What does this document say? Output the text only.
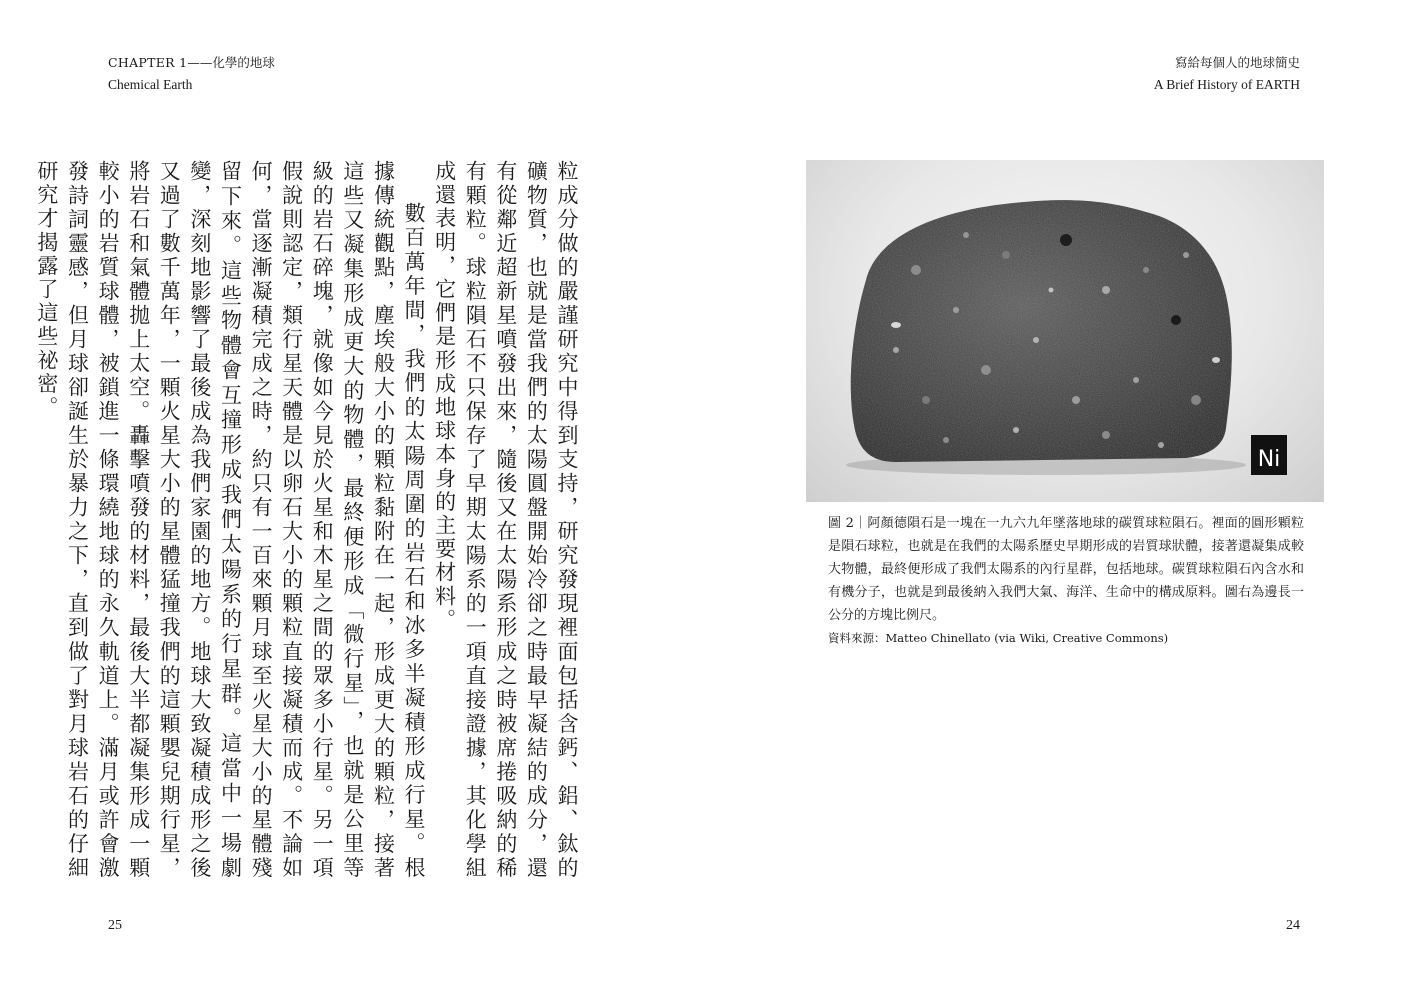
CHAPTER 1——化學的地球
Chemical Earth
寫給每個人的地球簡史
A Brief History of EARTH

粒成分做的嚴謹研究中得到支持，研究發現裡面包括含鈣、鋁、鈦的礦物質，也就是當我們的太陽圓盤開始冷卻之時最早凝結的成分，還有從鄰近超新星噴發出來，隨後又在太陽系形成之時被席捲吸納的稀有顆粒。球粒隕石不只保存了早期太陽系的一項直接證據，其化學組成還表明，它們是形成地球本身的主要材料。

數百萬年間，我們的太陽周圍的岩石和冰多半凝積形成行星。根據傳統觀點，塵埃般大小的顆粒黏附在一起，形成更大的顆粒，接著這些又凝集形成更大的物體，最終便形成「微行星」，也就是公里等級的岩石碎塊，就像如今見於火星和木星之間的眾多小行星。另一項假說則認定，類行星天體是以卵石大小的顆粒直接凝積而成。不論如何，當逐漸凝積完成之時，約只有一百來顆月球至火星大小的星體殘留下來。這些物體會互撞形成我們太陽系的行星群。這當中一場劇變，深刻地影響了最後成為我們家園的地方。地球大致凝積成形之後又過了數千萬年，一顆火星大小的星體猛撞我們的這顆嬰兒期行星，將岩石和氣體拋上太空。轟擊噴發的材料，最後大半都凝集形成一顆較小的岩質球體，被鎖進一條環繞地球的永久軌道上。滿月或許會激發詩詞靈感，但月球卻誕生於暴力之下，直到做了對月球岩石的仔細研究才揭露了這些祕密。

Ni

圖 2｜阿顏德隕石是一塊在一九六九年墜落地球的碳質球粒隕石。裡面的圓形顆粒是隕石球粒，也就是在我們的太陽系歷史早期形成的岩質球狀體，接著還凝集成較大物體，最終便形成了我們太陽系的內行星群，包括地球。碳質球粒隕石內含水和有機分子，也就是到最後納入我們大氣、海洋、生命中的構成原料。圖右為邊長一公分的方塊比例尺。

資料來源：Matteo Chinellato (via Wiki, Creative Commons)

25	24
